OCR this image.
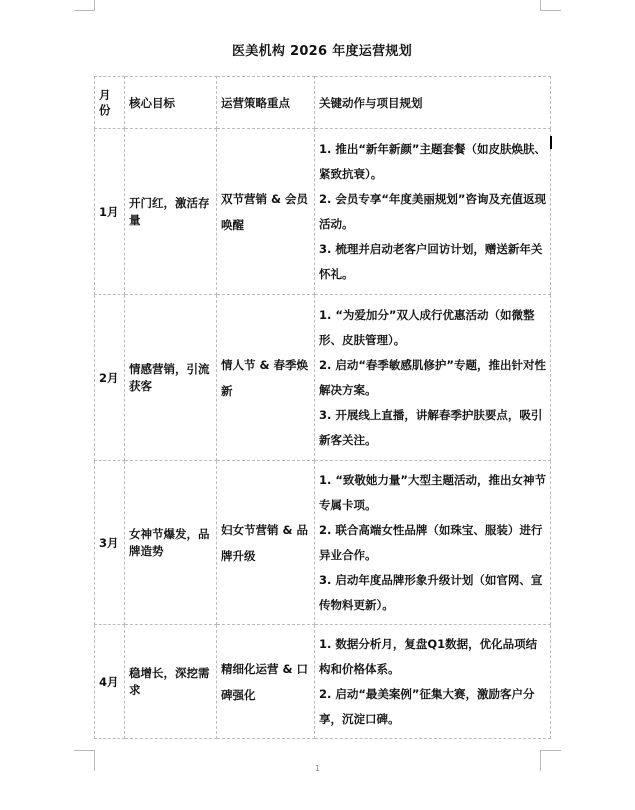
医美机构 2026 年度运营规划
月份	核心目标	运营策略重点	关键动作与项目规划
1月	开门红，激活存量	双节营销 & 会员唤醒	1. 推出“新年新颜”主题套餐（如皮肤焕肤、紧致抗衰）。
2. 会员专享“年度美丽规划”咨询及充值返现活动。
3. 梳理并启动老客户回访计划，赠送新年关怀礼。

2月	情感营销，引流获客	情人节 & 春季焕新	1. “为爱加分”双人成行优惠活动（如微整形、皮肤管理）。
2. 启动“春季敏感肌修护”专题，推出针对性解决方案。
3. 开展线上直播，讲解春季护肤要点，吸引新客关注。

3月	女神节爆发，品牌造势	妇女节营销 & 品牌升级	1. “致敬她力量”大型主题活动，推出女神节专属卡项。
2. 联合高端女性品牌（如珠宝、服装）进行异业合作。
3. 启动年度品牌形象升级计划（如官网、宣传物料更新）。

4月	稳增长，深挖需求	精细化运营 & 口碑强化	1. 数据分析月，复盘Q1数据，优化品项结构和价格体系。
2. 启动“最美案例”征集大赛，激励客户分享，沉淀口碑。
1
